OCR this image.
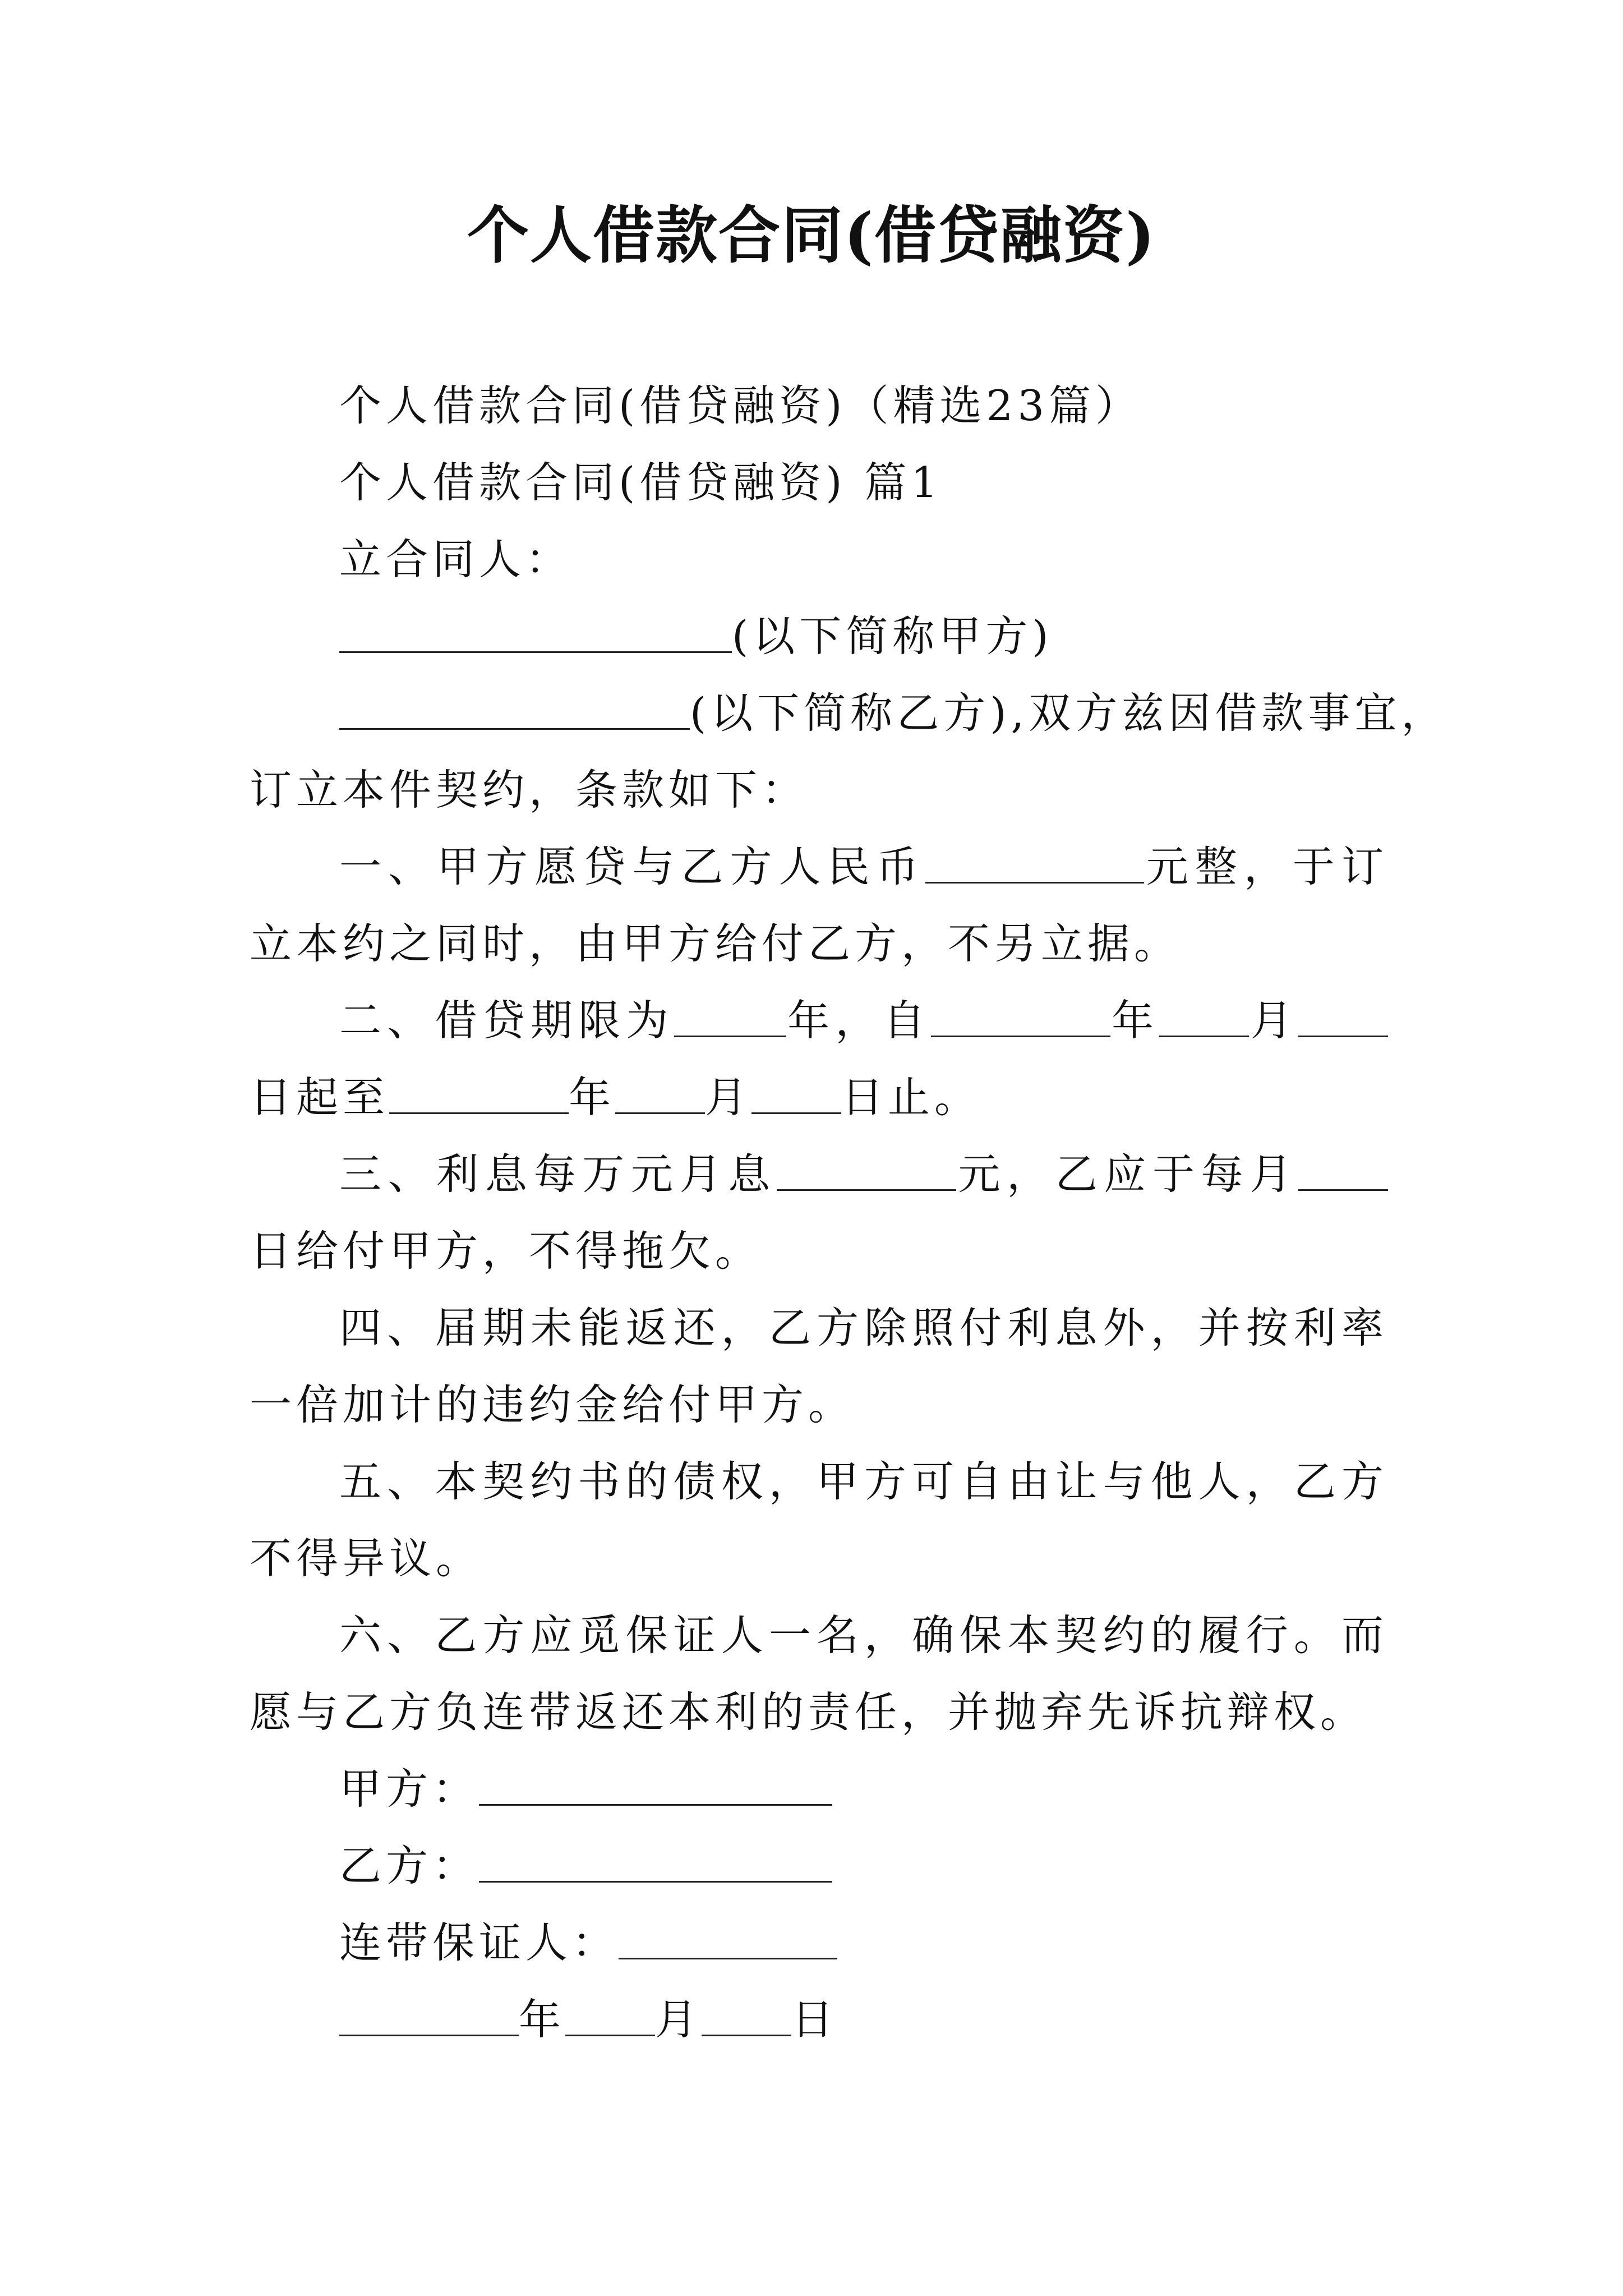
个人借款合同(借贷融资)

个人借款合同(借贷融资)（精选23篇）

个人借款合同(借贷融资) 篇1

立合同人：

(以下简称甲方)

(以下简称乙方),双方兹因借款事宜，

订立本件契约，条款如下：

一、甲方愿贷与乙方人民币	元整，于订立本约之同时，由甲方给付乙方，不另立据。

二、借贷期限为	年，自	年 月日起至	年 月 日止。

三、利息每万元月息	元，乙应于每月日给付甲方，不得拖欠。

四、届期未能返还，乙方除照付利息外，并按利率一倍加计的违约金给付甲方。

五、本契约书的债权，甲方可自由让与他人，乙方不得异议。

六、乙方应觅保证人一名，确保本契约的履行。而愿与乙方负连带返还本利的责任，并抛弃先诉抗辩权。

甲方：

乙方：

连带保证人：

年 月 日
